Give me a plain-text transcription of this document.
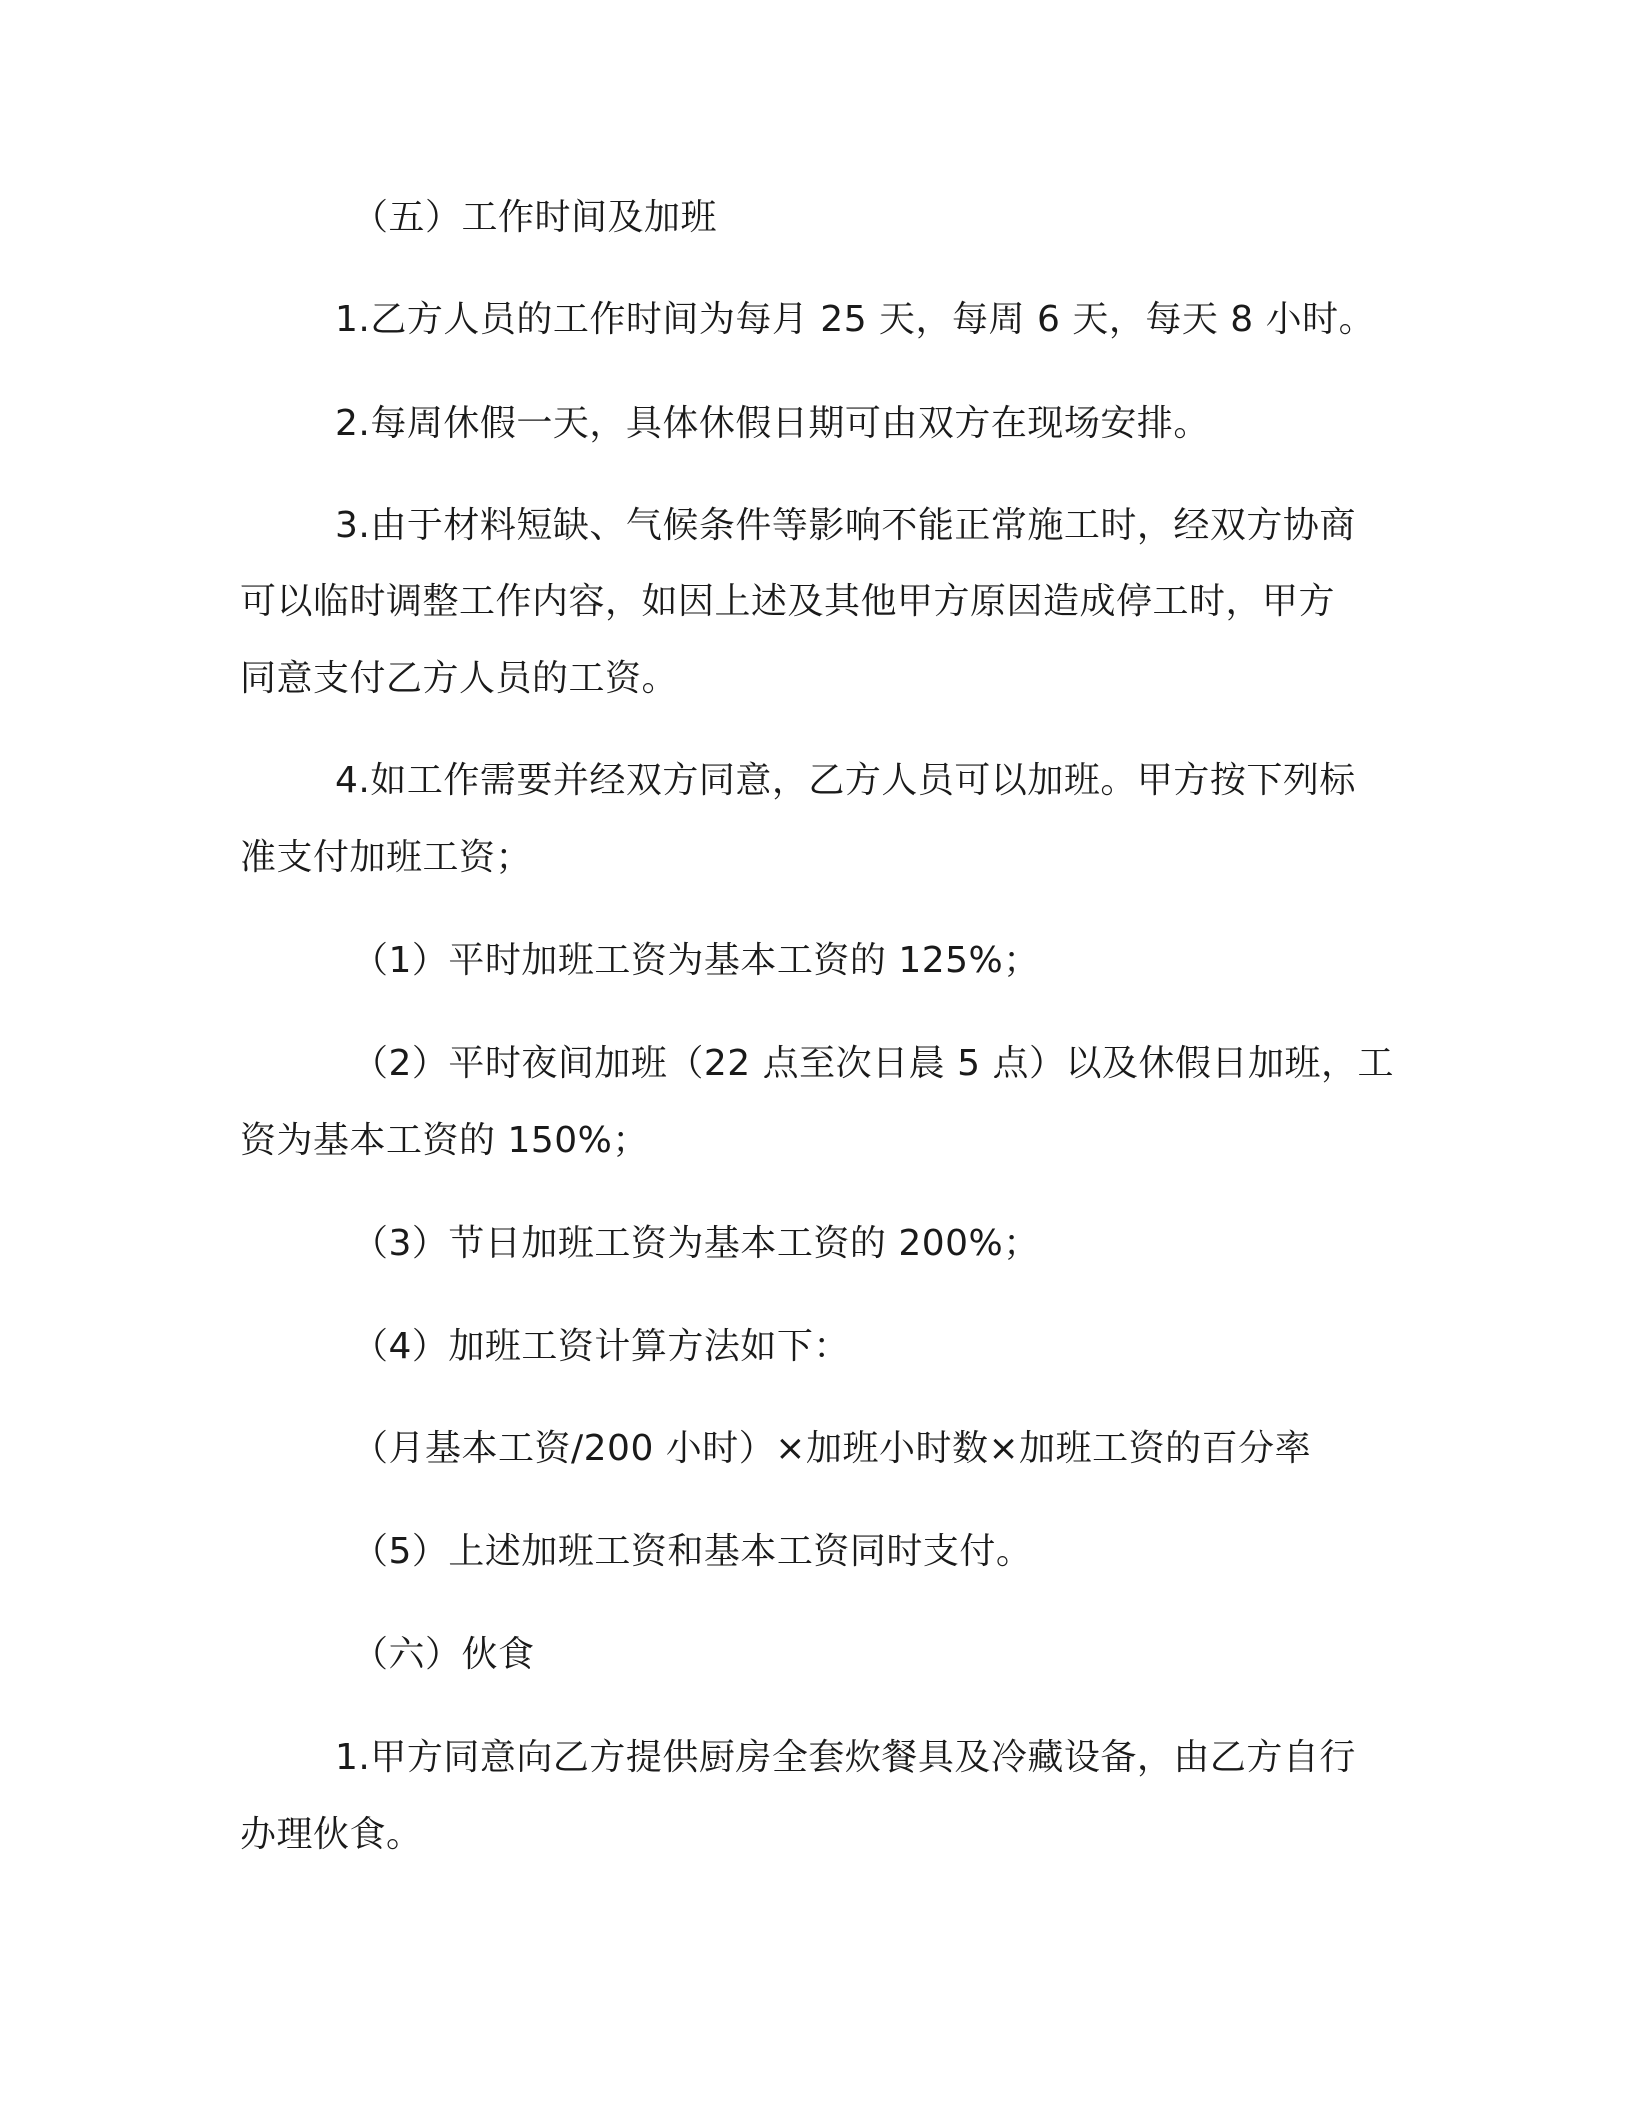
（五）工作时间及加班
1.乙方人员的工作时间为每月 25 天，每周 6 天，每天 8 小时。
2.每周休假一天，具体休假日期可由双方在现场安排。
3.由于材料短缺、气候条件等影响不能正常施工时，经双方协商
可以临时调整工作内容，如因上述及其他甲方原因造成停工时，甲方
同意支付乙方人员的工资。
4.如工作需要并经双方同意，乙方人员可以加班。甲方按下列标
准支付加班工资；
（1）平时加班工资为基本工资的 125%；
（2）平时夜间加班（22 点至次日晨 5 点）以及休假日加班，工
资为基本工资的 150%；
（3）节日加班工资为基本工资的 200%；
（4）加班工资计算方法如下：
（月基本工资/200 小时）×加班小时数×加班工资的百分率
（5）上述加班工资和基本工资同时支付。
（六）伙食
1.甲方同意向乙方提供厨房全套炊餐具及冷藏设备，由乙方自行
办理伙食。
